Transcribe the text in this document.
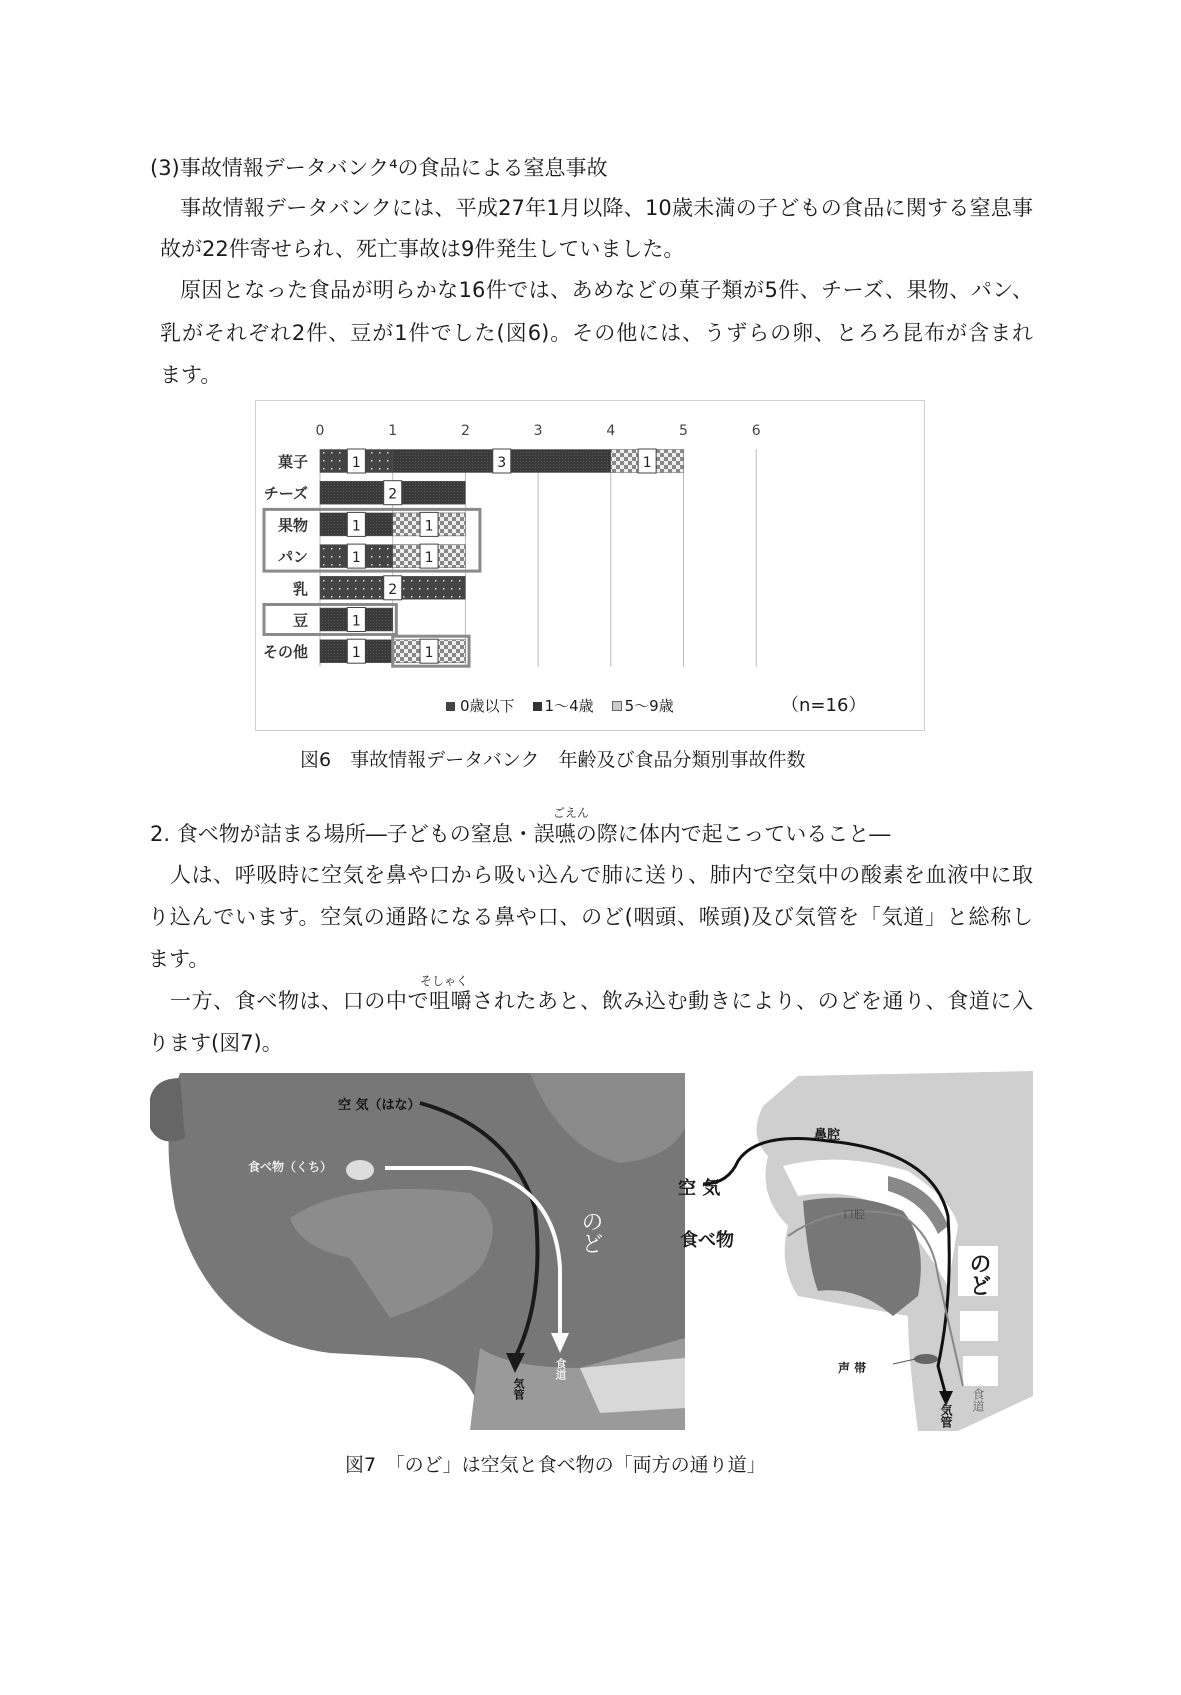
(3)事故情報データバンク⁴の食品による窒息事故
事故情報データバンクには、平成27年1月以降、10歳未満の子どもの食品に関する窒息事
故が22件寄せられ、死亡事故は9件発生していました。
原因となった食品が明らかな16件では、あめなどの菓子類が5件、チーズ、果物、パン、
乳がそれぞれ2件、豆が1件でした(図6)。その他には、うずらの卵、とろろ昆布が含まれ
ます。
0	1	2	3	4	5	6
菓子	1	3	1
チーズ	2
果物	1	1
パン	1	1
乳	2
豆	1
その他	1	1
0歳以下	1～4歳	5～9歳	（n=16）
図6　事故情報データバンク　年齢及び食品分類別事故件数
ごえん
2. 食べ物が詰まる場所―子どもの窒息・誤嚥の際に体内で起こっていること―
人は、呼吸時に空気を鼻や口から吸い込んで肺に送り、肺内で空気中の酸素を血液中に取
り込んでいます。空気の通路になる鼻や口、のど(咽頭、喉頭)及び気管を「気道」と総称し
ます。
そしゃく
一方、食べ物は、口の中で咀嚼されたあと、飲み込む動きにより、のどを通り、食道に入
ります(図7)。
空 気（はな）
食べ物（くち）
のど
気管
食道
鼻腔
空 気
口腔
食べ物
のど
声 帯
気管
食道
図7　「のど」は空気と食べ物の「両方の通り道」
